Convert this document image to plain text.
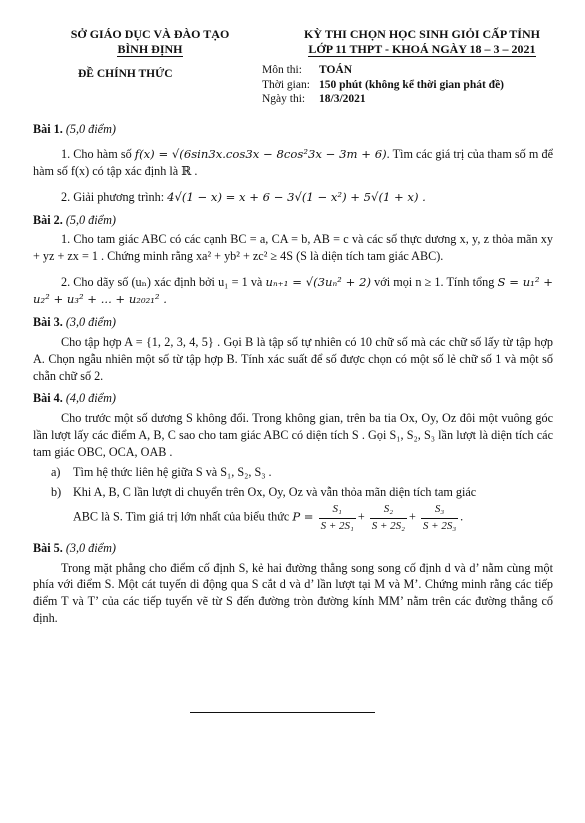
SỞ GIÁO DỤC VÀ ĐÀO TẠO
BÌNH ĐỊNH
ĐỀ CHÍNH THỨC
KỲ THI CHỌN HỌC SINH GIỎI CẤP TỈNH
LỚP 11 THPT - KHOÁ NGÀY 18 – 3 – 2021
Môn thi:	TOÁN
Thời gian: 150 phút
(không kể thời gian phát đề)
Ngày thi:	18/3/2021
Bài 1. (5,0 điểm)
1. Cho hàm số f(x) = √(6sin3x.cos3x − 8cos²3x − 3m + 6). Tìm các giá trị của tham số m để hàm số f(x) có tập xác định là ℝ .
2. Giải phương trình: 4√(1 − x) = x + 6 − 3√(1 − x²) + 5√(1 + x) .
Bài 2. (5,0 điểm)
1. Cho tam giác ABC có các cạnh BC = a, CA = b, AB = c và các số thực dương x, y, z thỏa mãn xy + yz + zx = 1 . Chứng minh rằng xa² + yb² + zc² ≥ 4S (S là diện tích tam giác ABC).
2. Cho dãy số (uₙ) xác định bởi u₁ = 1 và uₙ₊₁ = √(3uₙ² + 2) với mọi n ≥ 1. Tính tổng S = u₁² + u₂² + u₃² + ... + u₂₀₂₁² .
Bài 3. (3,0 điểm)
Cho tập hợp A = {1, 2, 3, 4, 5} . Gọi B là tập số tự nhiên có 10 chữ số mà các chữ số lấy từ tập hợp A. Chọn ngẫu nhiên một số từ tập hợp B. Tính xác suất để số được chọn có một số lẻ chữ số 1 và một số chẵn chữ số 2.
Bài 4. (4,0 điểm)
Cho trước một số dương S không đổi. Trong không gian, trên ba tia Ox, Oy, Oz đôi một vuông góc lần lượt lấy các điểm A, B, C sao cho tam giác ABC có diện tích S . Gọi S₁, S₂, S₃ lần lượt là diện tích các tam giác OBC, OCA, OAB .
a)	Tìm hệ thức liên hệ giữa S và S₁, S₂, S₃ .
b) Khi A, B, C lần lượt di chuyển trên Ox, Oy, Oz và vẫn thỏa mãn diện tích tam giác
ABC là S. Tìm giá trị lớn nhất của biểu thức $P = \frac{\text{S₁}}{\text{S + 2S₁}} + \frac{\text{S₂}}{\text{S + 2S₂}} + \frac{\text{S₃}}{\text{S + 2S₃}}$ .
Bài 5. (3,0 điểm)
Trong mặt phẳng cho điểm cố định S, kẻ hai đường thẳng song song cố định d và d’ nằm cùng một phía với điểm S. Một cát tuyến di động qua S cắt d và d’ lần lượt tại M và M’. Chứng minh rằng các tiếp điểm T và T’ của các tiếp tuyến vẽ từ S đến đường tròn đường kính MM’ nằm trên các đường thẳng cố định.
